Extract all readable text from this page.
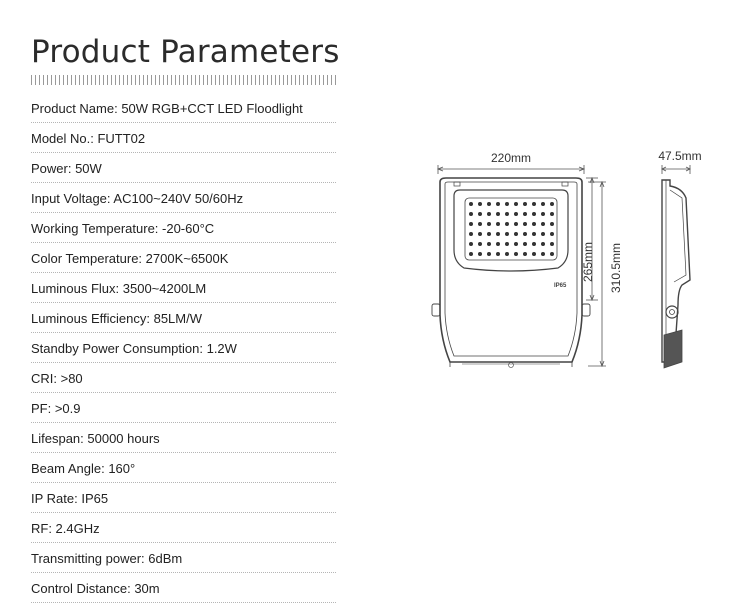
Product Parameters
Product Name: 50W RGB+CCT LED Floodlight
Model No.: FUTT02
Power: 50W
Input Voltage: AC100~240V 50/60Hz
Working Temperature: -20-60°C
Color Temperature: 2700K~6500K
Luminous Flux: 3500~4200LM
Luminous Efficiency: 85LM/W
Standby Power Consumption: 1.2W
CRI: >80
PF: >0.9
Lifespan: 50000 hours
Beam Angle: 160°
IP Rate: IP65
RF: 2.4GHz
Transmitting power: 6dBm
Control Distance: 30m
220mm
IP65
265mm 310.5mm
47.5mm
